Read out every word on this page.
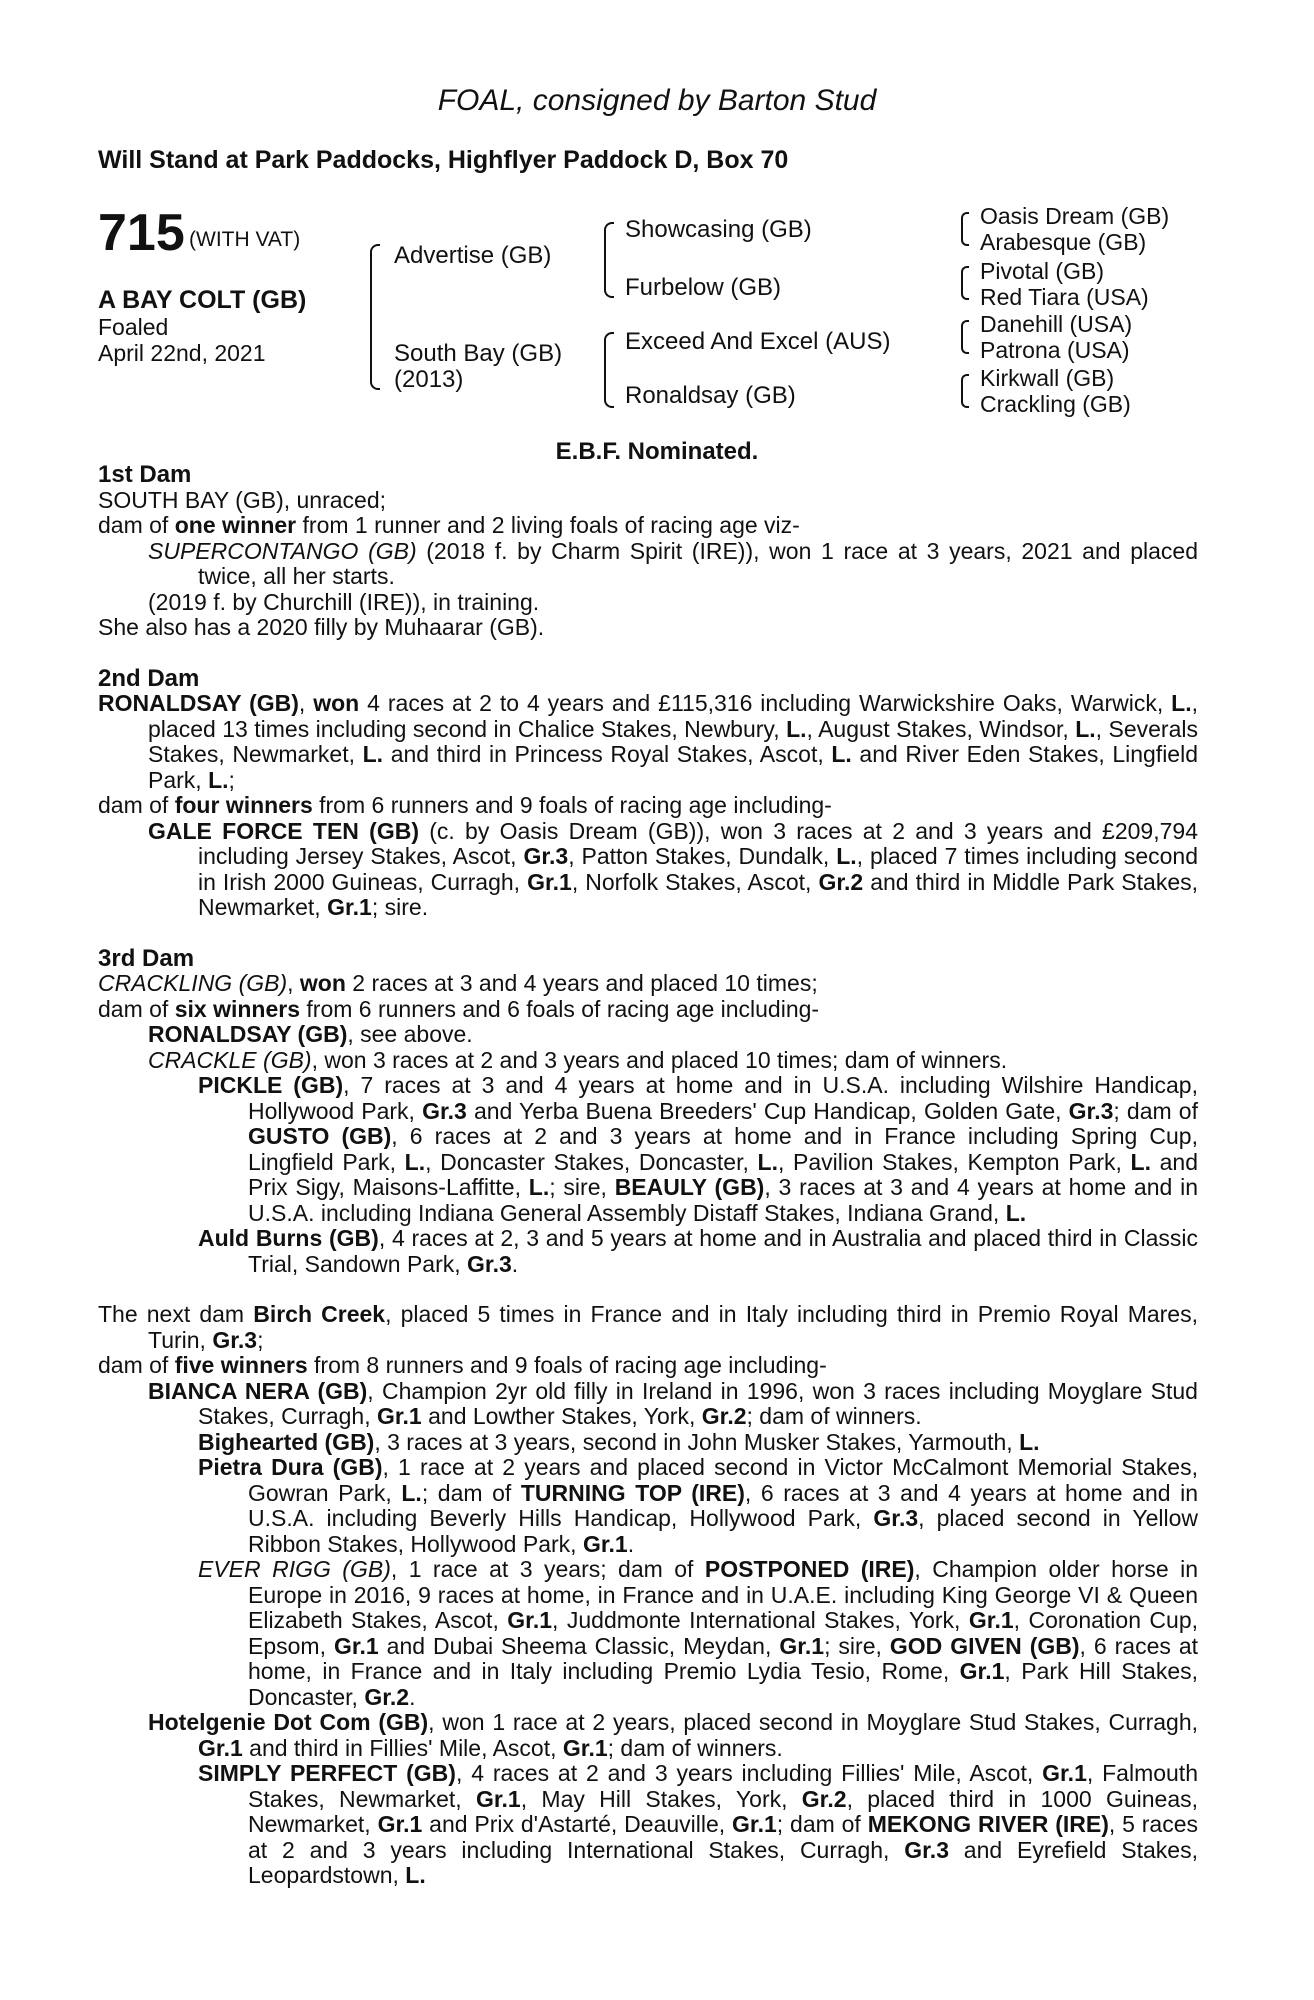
FOAL, consigned by Barton Stud
Will Stand at Park Paddocks, Highflyer Paddock D, Box 70
715 (WITH VAT)
A BAY COLT (GB)
Foaled
April 22nd, 2021
Advertise (GB)
South Bay (GB)
(2013)
Showcasing (GB)
Furbelow (GB)
Exceed And Excel (AUS)
Ronaldsay (GB)
Oasis Dream (GB)
Arabesque (GB)
Pivotal (GB)
Red Tiara (USA)
Danehill (USA)
Patrona (USA)
Kirkwall (GB)
Crackling (GB)
E.B.F. Nominated.

1st Dam

SOUTH BAY (GB), unraced;

dam of one winner from 1 runner and 2 living foals of racing age viz-

SUPERCONTANGO (GB) (2018 f. by Charm Spirit (IRE)), won 1 race at 3 years, 2021 and placed twice, all her starts.

(2019 f. by Churchill (IRE)), in training.

She also has a 2020 filly by Muhaarar (GB).

2nd Dam

RONALDSAY (GB), won 4 races at 2 to 4 years and £115,316 including Warwickshire Oaks, Warwick, L., placed 13 times including second in Chalice Stakes, Newbury, L., August Stakes, Windsor, L., Severals Stakes, Newmarket, L. and third in Princess Royal Stakes, Ascot, L. and River Eden Stakes, Lingfield Park, L.;

dam of four winners from 6 runners and 9 foals of racing age including-

GALE FORCE TEN (GB) (c. by Oasis Dream (GB)), won 3 races at 2 and 3 years and £209,794 including Jersey Stakes, Ascot, Gr.3, Patton Stakes, Dundalk, L., placed 7 times including second in Irish 2000 Guineas, Curragh, Gr.1, Norfolk Stakes, Ascot, Gr.2 and third in Middle Park Stakes, Newmarket, Gr.1; sire.

3rd Dam

CRACKLING (GB), won 2 races at 3 and 4 years and placed 10 times;

dam of six winners from 6 runners and 6 foals of racing age including-

RONALDSAY (GB), see above.

CRACKLE (GB), won 3 races at 2 and 3 years and placed 10 times; dam of winners.

PICKLE (GB), 7 races at 3 and 4 years at home and in U.S.A. including Wilshire Handicap, Hollywood Park, Gr.3 and Yerba Buena Breeders' Cup Handicap, Golden Gate, Gr.3; dam of GUSTO (GB), 6 races at 2 and 3 years at home and in France including Spring Cup, Lingfield Park, L., Doncaster Stakes, Doncaster, L., Pavilion Stakes, Kempton Park, L. and Prix Sigy, Maisons-Laffitte, L.; sire, BEAULY (GB), 3 races at 3 and 4 years at home and in U.S.A. including Indiana General Assembly Distaff Stakes, Indiana Grand, L.

Auld Burns (GB), 4 races at 2, 3 and 5 years at home and in Australia and placed third in Classic Trial, Sandown Park, Gr.3.

The next dam Birch Creek, placed 5 times in France and in Italy including third in Premio Royal Mares, Turin, Gr.3;

dam of five winners from 8 runners and 9 foals of racing age including-

BIANCA NERA (GB), Champion 2yr old filly in Ireland in 1996, won 3 races including Moyglare Stud Stakes, Curragh, Gr.1 and Lowther Stakes, York, Gr.2; dam of winners.

Bighearted (GB), 3 races at 3 years, second in John Musker Stakes, Yarmouth, L.

Pietra Dura (GB), 1 race at 2 years and placed second in Victor McCalmont Memorial Stakes, Gowran Park, L.; dam of TURNING TOP (IRE), 6 races at 3 and 4 years at home and in U.S.A. including Beverly Hills Handicap, Hollywood Park, Gr.3, placed second in Yellow Ribbon Stakes, Hollywood Park, Gr.1.

EVER RIGG (GB), 1 race at 3 years; dam of POSTPONED (IRE), Champion older horse in Europe in 2016, 9 races at home, in France and in U.A.E. including King George VI & Queen Elizabeth Stakes, Ascot, Gr.1, Juddmonte International Stakes, York, Gr.1, Coronation Cup, Epsom, Gr.1 and Dubai Sheema Classic, Meydan, Gr.1; sire, GOD GIVEN (GB), 6 races at home, in France and in Italy including Premio Lydia Tesio, Rome, Gr.1, Park Hill Stakes, Doncaster, Gr.2.

Hotelgenie Dot Com (GB), won 1 race at 2 years, placed second in Moyglare Stud Stakes, Curragh, Gr.1 and third in Fillies' Mile, Ascot, Gr.1; dam of winners.

SIMPLY PERFECT (GB), 4 races at 2 and 3 years including Fillies' Mile, Ascot, Gr.1, Falmouth Stakes, Newmarket, Gr.1, May Hill Stakes, York, Gr.2, placed third in 1000 Guineas, Newmarket, Gr.1 and Prix d'Astarté, Deauville, Gr.1; dam of MEKONG RIVER (IRE), 5 races at 2 and 3 years including International Stakes, Curragh, Gr.3 and Eyrefield Stakes, Leopardstown, L.
